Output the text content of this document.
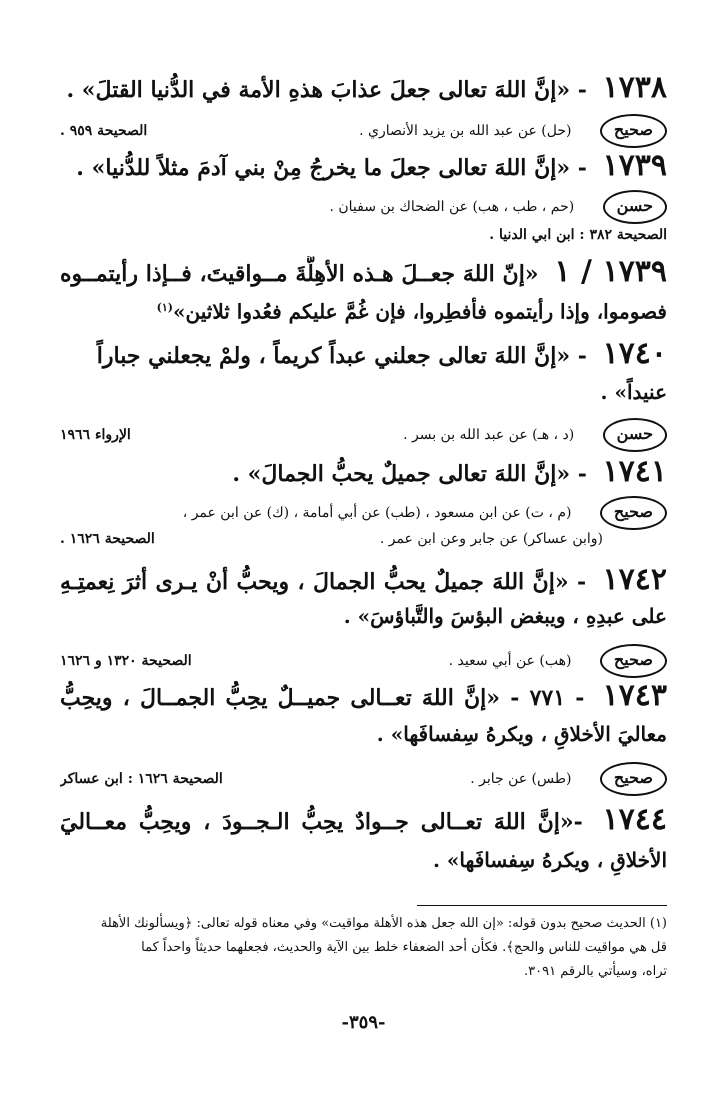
١٧٣٨ - «إنَّ اللهَ تعالى جعلَ عذابَ هذهِ الأمة في الدُّنيا القتلَ» .
صحيح (حل) عن عبد الله بن يزيد الأنصاري .
الصحيحة ٩٥٩ .
١٧٣٩ - «إنَّ اللهَ تعالى جعلَ ما يخرجُ مِنْ بني آدمَ مثلاً للدُّنيا» .
حسن (حم ، طب ، هب) عن الضحاك بن سفيان .
الصحيحة ٣٨٢ : ابن ابي الدنيا .
١٧٣٩ / ١ «إنّ اللهَ جعــلَ هـذه الأهِلَّةَ مــواقيتَ، فــإذا رأيتمــوه
فصوموا، وإذا رأيتموه فأفطِروا، فإن غُمَّ عليكم فعُدوا ثلاثين»$^{(١)}$
١٧٤٠ - «إنَّ اللهَ تعالى جعلني عبداً كريماً ، ولمْ يجعلني جباراً
عنيداً» .
حسن (د ، هـ) عن عبد الله بن بسر .
الإرواء ١٩٦٦
١٧٤١ - «إنَّ اللهَ تعالى جميلٌ يحبُّ الجمالَ» .
صحيح (م ، ت) عن ابن مسعود ، (طب) عن أبي أمامة ، (ك) عن ابن عمر ،
(وابن عساكر) عن جابر وعن ابن عمر .
الصحيحة ١٦٢٦ .
١٧٤٢ - «إنَّ اللهَ جميلٌ يحبُّ الجمالَ ، ويحبُّ أنْ يـرى أثرَ نِعمتِـهِ
على عبدِهِ ، ويبغض البؤسَ والتَّباؤسَ» .
صحيح (هب) عن أبي سعيد .
الصحيحة ١٣٢٠ و ١٦٢٦
١٧٤٣ - ٧٧١ - «إنَّ اللهَ تعــالى جميــلٌ يحِبُّ الجمــالَ ، ويحِبُّ
معاليَ الأخلاقِ ، ويكرهُ سِفسافَها» .
صحيح (طس) عن جابر .
الصحيحة ١٦٢٦ : ابن عساكر
١٧٤٤ -«إنَّ اللهَ تعــالى جــوادٌ يحِبُّ الـجــودَ ، ويحِبُّ معــاليَ
الأخلاقِ ، ويكرهُ سِفسافَها» .
(١) الحديث صحيح بدون قوله: «إن الله جعل هذه الأهلة مواقيت» وفي معناه قوله تعالى: ﴿ويسألونك الأهلة
قل هي مواقيت للناس والحج﴾. فكأن أحد الضعفاء خلط بين الآية والحديث، فجعلهما حديثاً واحداً كما
تراه، وسيأتي بالرقم ٣٠٩١.
-٣٥٩-
